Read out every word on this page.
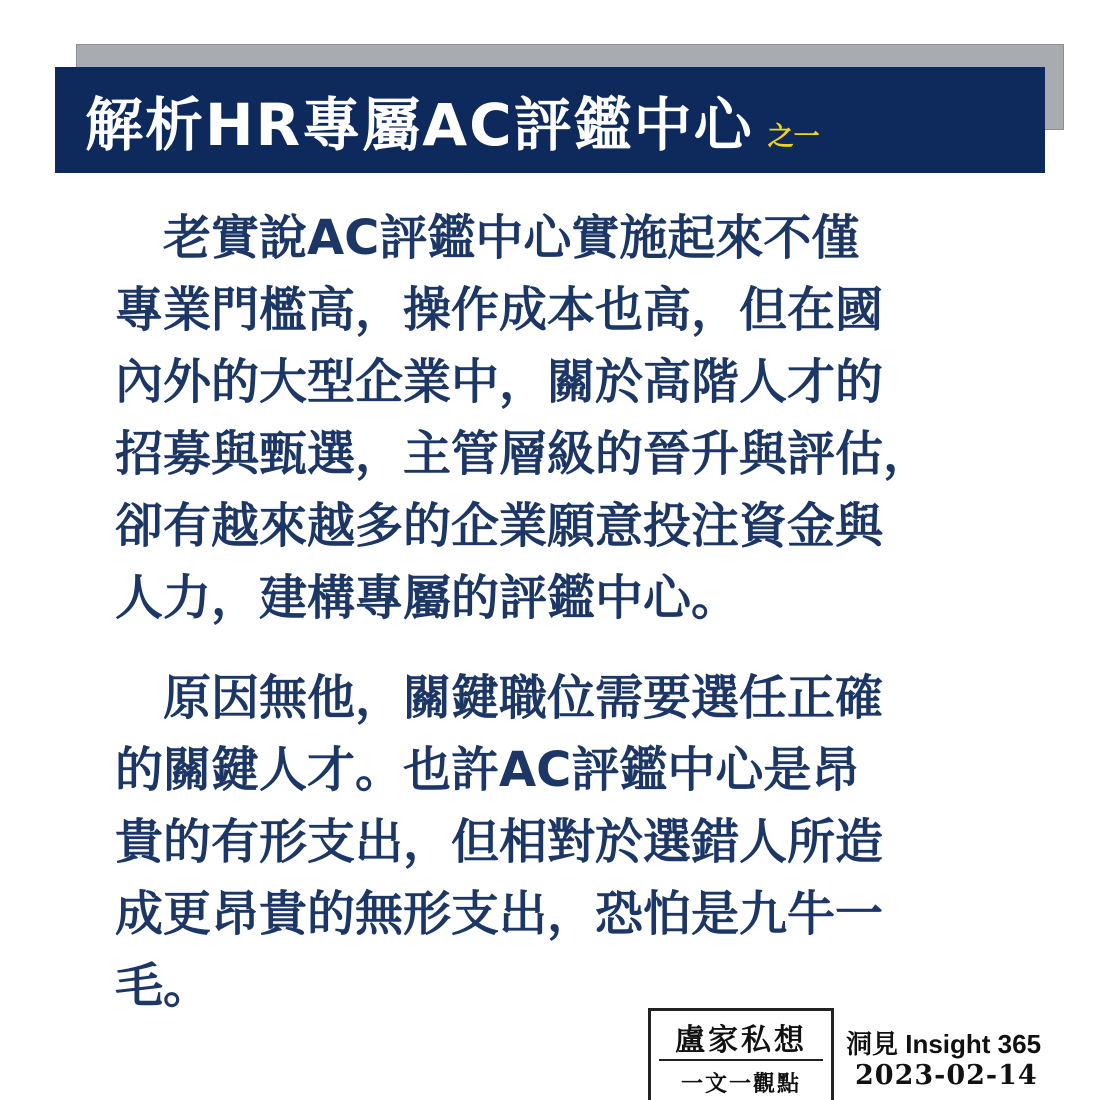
解析HR專屬AC評鑑中心 之一

　老實說AC評鑑中心實施起來不僅
專業門檻高，操作成本也高，但在國
內外的大型企業中，關於高階人才的
招募與甄選，主管層級的晉升與評估，
卻有越來越多的企業願意投注資金與
人力，建構專屬的評鑑中心。

　原因無他，關鍵職位需要選任正確
的關鍵人才。也許AC評鑑中心是昂
貴的有形支出，但相對於選錯人所造
成更昂貴的無形支出，恐怕是九牛一
毛。

盧家私想
一文一觀點
洞見 Insight 365
2023-02-14
